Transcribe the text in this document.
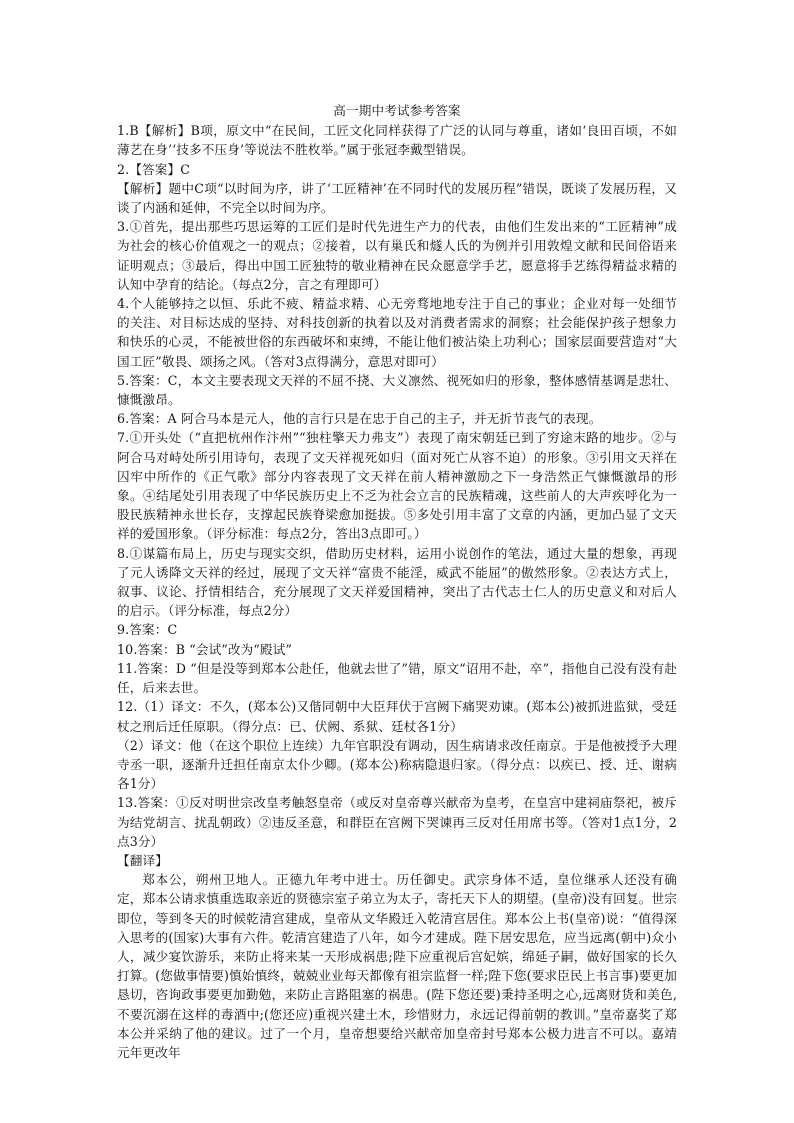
高一期中考试参考答案

1.B【解析】B项，原文中“在民间，工匠文化同样获得了广泛的认同与尊重，诸如‘良田百顷，不如薄艺在身’‘技多不压身’等说法不胜枚举。”属于张冠李戴型错误。

2.【答案】C

【解析】题中C项“以时间为序，讲了‘工匠精神’在不同时代的发展历程”错误，既谈了发展历程，又谈了内涵和延伸，不完全以时间为序。

3.①首先，提出那些巧思运筹的工匠们是时代先进生产力的代表，由他们生发出来的“工匠精神”成为社会的核心价值观之一的观点；②接着，以有巢氏和燧人氏的为例并引用敦煌文献和民间俗语来证明观点；③最后，得出中国工匠独特的敬业精神在民众愿意学手艺，愿意将手艺练得精益求精的认知中孕育的结论。（每点2分，言之有理即可）

4.个人能够持之以恒、乐此不疲、精益求精、心无旁骛地地专注于自己的事业；企业对每一处细节的关注、对目标达成的坚持、对科技创新的执着以及对消费者需求的洞察；社会能保护孩子想象力和快乐的心灵，不能被世俗的东西破坏和束缚，不能让他们被沾染上功利心；国家层面要营造对“大国工匠”敬畏、颂扬之风。（答对3点得满分，意思对即可）

5.答案：C，本文主要表现文天祥的不屈不挠、大义凛然、视死如归的形象，整体感情基调是悲壮、慷慨激昂。

6.答案：A 阿合马本是元人，他的言行只是在忠于自己的主子，并无折节丧气的表现。

7.①开头处（“直把杭州作汴州”“独柱擎天力弗支”）表现了南宋朝廷已到了穷途末路的地步。②与阿合马对峙处所引用诗句，表现了文天祥视死如归（面对死亡从容不迫）的形象。③引用文天祥在囚牢中所作的《正气歌》部分内容表现了文天祥在前人精神激励之下一身浩然正气慷慨激昂的形象。④结尾处引用表现了中华民族历史上不乏为社会立言的民族精魂，这些前人的大声疾呼化为一股民族精神永世长存，支撑起民族脊梁愈加挺拔。⑤多处引用丰富了文章的内涵，更加凸显了文天祥的爱国形象。（评分标准：每点2分，答出3点即可。）

8.①谋篇布局上，历史与现实交织，借助历史材料，运用小说创作的笔法，通过大量的想象，再现了元人诱降文天祥的经过，展现了文天祥“富贵不能淫，威武不能屈”的傲然形象。②表达方式上，叙事、议论、抒情相结合，充分展现了文天祥爱国精神，突出了古代志士仁人的历史意义和对后人的启示。（评分标准，每点2分）

9.答案：C

10.答案：B “会试”改为“殿试”

11.答案：D “但是没等到郑本公赴任，他就去世了”错，原文“诏用不赴，卒”，指他自己没有没有赴任，后来去世。

12.（1）译文：不久，(郑本公)又偕同朝中大臣拜伏于宫阙下痛哭劝谏。(郑本公)被抓进监狱，受廷杖之刑后迁任原职。（得分点：已、伏阙、系狱、廷杖各1分）

（2）译文：他（在这个职位上连续）九年官职没有调动，因生病请求改任南京。于是他被授予大理寺丞一职，逐渐升迁担任南京太仆少卿。(郑本公)称病隐退归家。（得分点：以疾已、授、迁、谢病各1分）

13.答案：①反对明世宗改皇考触怒皇帝（或反对皇帝尊兴献帝为皇考，在皇宫中建祠庙祭祀，被斥为结党胡言、扰乱朝政）②违反圣意，和群臣在宫阙下哭谏再三反对任用席书等。（答对1点1分，2点3分）

【翻译】

郑本公，朔州卫地人。正德九年考中进士。历任御史。武宗身体不适，皇位继承人还没有确定，郑本公请求慎重选取亲近的贤德宗室子弟立为太子，寄托天下人的期望。(皇帝)没有回复。世宗即位，等到冬天的时候乾清宫建成，皇帝从文华殿迁入乾清宫居住。郑本公上书(皇帝)说：“值得深入思考的(国家)大事有六件。乾清宫建造了八年，如今才建成。陛下居安思危，应当远离(朝中)众小人，减少宴饮游乐，来防止将来某一天形成祸患;陛下应重视后宫妃嫔，绵延子嗣，做好国家的长久打算。(您做事情要)慎始慎终，兢兢业业每天都像有祖宗监督一样;陛下您(要求臣民上书言事)要更加恳切，咨询政事要更加勤勉，来防止言路阻塞的祸患。(陛下您还要)秉持圣明之心,远离财货和美色,不要沉溺在这样的毒酒中;(您还应)重视兴建土木，珍惜财力，永远记得前朝的教训。”皇帝嘉奖了郑本公并采纳了他的建议。过了一个月，皇帝想要给兴献帝加皇帝封号郑本公极力进言不可以。嘉靖元年更改年
